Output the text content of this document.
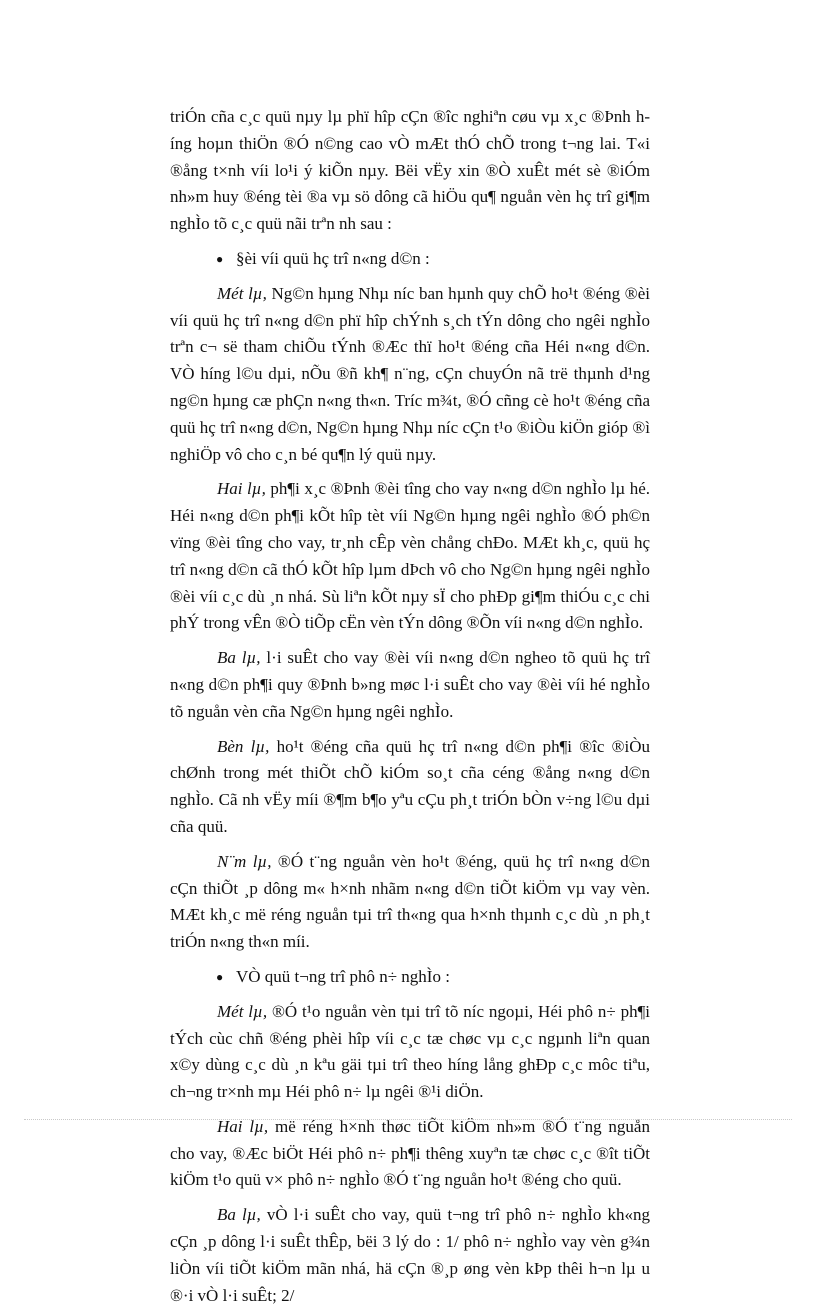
triÓn cña c¸c quü nµy lµ phï hîp cÇn ®îc nghiªn cøu vµ x¸c ®Þnh híng hoµn thiÖn ®Ó n©ng cao vÒ mÆt thÓ chÕ trong t¬ng lai. T«i ®ång t×nh víi lo¹i ý kiÕn nµy. Bëi vËy xin ®Ò xuÊt mét sè ®iÓm nh»m huy ®éng tèi ®a vµ sö dông cã hiÖu qu¶ nguån vèn hç trî gi¶m nghÌo tõ c¸c quü nãi trªn nh sau :

● §èi víi quü hç trî n«ng d©n :

Mét lµ, Ng©n hµng Nhµ níc ban hµnh quy chÕ ho¹t ®éng ®èi víi quü hç trî n«ng d©n phï hîp chÝnh s¸ch tÝn dông cho ngêi nghÌo trªn c¬ së tham chiÕu tÝnh ®Æc thï ho¹t ®éng cña Héi n«ng d©n. VÒ híng l©u dµi, nÕu ®ñ kh¶ n¨ng, cÇn chuyÓn nã trë thµnh d¹ng ng©n hµng cæ phÇn n«ng th«n. Tríc m¾t, ®Ó cñng cè ho¹t ®éng cña quü hç trî n«ng d©n, Ng©n hµng Nhµ níc cÇn t¹o ®iÒu kiÖn gióp ®ì nghiÖp vô cho c¸n bé qu¶n lý quü nµy.

Hai lµ, ph¶i x¸c ®Þnh ®èi tîng cho vay n«ng d©n nghÌo lµ hé. Héi n«ng d©n ph¶i kÕt hîp tèt víi Ng©n hµng ngêi nghÌo ®Ó ph©n vïng ®èi tîng cho vay, tr¸nh cÊp vèn chång chÐo. MÆt kh¸c, quü hç trî n«ng d©n cã thÓ kÕt hîp lµm dÞch vô cho Ng©n hµng ngêi nghÌo ®èi víi c¸c dù ¸n nhá. Sù liªn kÕt nµy sÏ cho phÐp gi¶m thiÓu c¸c chi phÝ trong vÊn ®Ò tiÕp cËn vèn tÝn dông ®Õn víi n«ng d©n nghÌo.

Ba lµ, l·i suÊt cho vay ®èi víi n«ng d©n ngheo tõ quü hç trî n«ng d©n ph¶i quy ®Þnh b»ng møc l·i suÊt cho vay ®èi víi hé nghÌo tõ nguån vèn cña Ng©n hµng ngêi nghÌo.

Bèn lµ, ho¹t ®éng cña quü hç trî n«ng d©n ph¶i ®îc ®iÒu chØnh trong mét thiÕt chÕ kiÓm so¸t cña céng ®ång n«ng d©n nghÌo. Cã nh vËy míi ®¶m b¶o yªu cÇu ph¸t triÓn bÒn v÷ng l©u dµi cña quü.

N¨m lµ, ®Ó t¨ng nguån vèn ho¹t ®éng, quü hç trî n«ng d©n cÇn thiÕt ¸p dông m« h×nh nhãm n«ng d©n tiÕt kiÖm vµ vay vèn. MÆt kh¸c më réng nguån tµi trî th«ng qua h×nh thµnh c¸c dù ¸n ph¸t triÓn n«ng th«n míi.

● VÒ quü t¬ng trî phô n÷ nghÌo :

Mét lµ, ®Ó t¹o nguån vèn tµi trî tõ níc ngoµi, Héi phô n÷ ph¶i tÝch cùc chñ ®éng phèi hîp víi c¸c tæ chøc vµ c¸c ngµnh liªn quan x©y dùng c¸c dù ¸n kªu gäi tµi trî theo híng lång ghÐp c¸c môc tiªu, ch¬ng tr×nh mµ Héi phô n÷ lµ ngêi ®¹i diÖn.

Hai lµ, më réng h×nh thøc tiÕt kiÖm nh»m ®Ó t¨ng nguån cho vay, ®Æc biÖt Héi phô n÷ ph¶i thêng xuyªn tæ chøc c¸c ®ît tiÕt kiÖm t¹o quü v× phô n÷ nghÌo ®Ó t¨ng nguån ho¹t ®éng cho quü.

Ba lµ, vÒ l·i suÊt cho vay, quü t¬ng trî phô n÷ nghÌo kh«ng cÇn ¸p dông l·i suÊt thÊp, bëi 3 lý do : 1/ phô n÷ nghÌo vay vèn g¾n liÒn víi tiÕt kiÖm mãn nhá, hä cÇn ®¸p øng vèn kÞp thêi h¬n lµ u ®·i vÒ l·i suÊt; 2/
